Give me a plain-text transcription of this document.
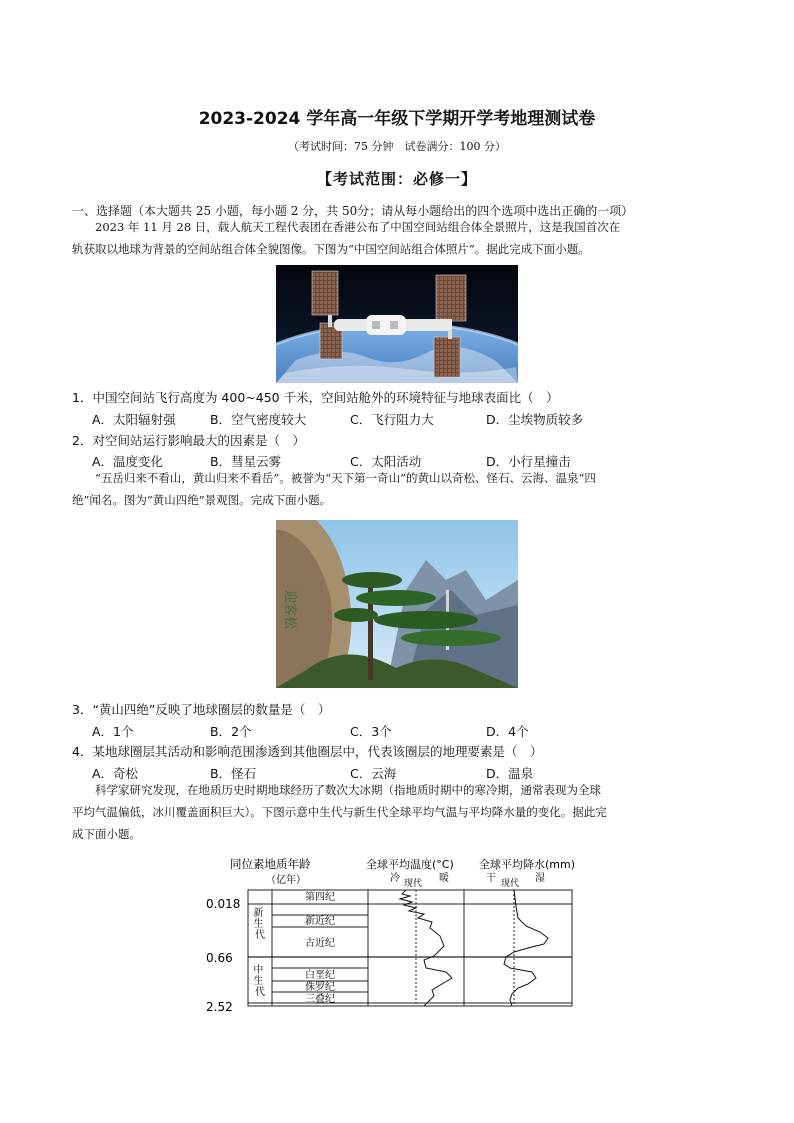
2023-2024 学年高一年级下学期开学考地理测试卷
（考试时间：75 分钟　试卷满分：100 分）
【考试范围：必修一】
一、选择题（本大题共 25 小题，每小题 2 分，共 50分；请从每小题给出的四个选项中选出正确的一项）
2023 年 11 月 28 日，载人航天工程代表团在香港公布了中国空间站组合体全景照片，这是我国首次在
轨获取以地球为背景的空间站组合体全貌图像。下图为“中国空间站组合体照片”。据此完成下面小题。
1．中国空间站飞行高度为 400~450 千米，空间站舱外的环境特征与地球表面比（　）
A．太阳辐射强	B．空气密度较大	C．飞行阻力大	D．尘埃物质较多
2．对空间站运行影响最大的因素是（　）
A．温度变化	B．彗星云雾	C．太阳活动	D．小行星撞击
“五岳归来不看山，黄山归来不看岳”。被誉为“天下第一奇山”的黄山以奇松、怪石、云海、温泉“四
绝”闻名。图为“黄山四绝”景观图。完成下面小题。
迎客松
3．“黄山四绝”反映了地球圈层的数量是（　）
A．1个	B．2个	C．3个	D．4个
4．某地球圈层其活动和影响范围渗透到其他圈层中，代表该圈层的地理要素是（　）
A．奇松	B．怪石	C．云海	D．温泉
科学家研究发现，在地质历史时期地球经历了数次大冰期（指地质时期中的寒冷期，通常表现为全球
平均气温偏低，冰川覆盖面积巨大）。下图示意中生代与新生代全球平均气温与平均降水量的变化。据此完
成下面小题。
同位素地质年龄	全球平均温度(°C) 全球平均降水(mm)
（亿年）	冷 现代 暖	干 现代 湿
0.018
0.66
2.52
新 生 代
中 生 代
第四纪
新近纪
古近纪
白垩纪
侏罗纪
三叠纪
